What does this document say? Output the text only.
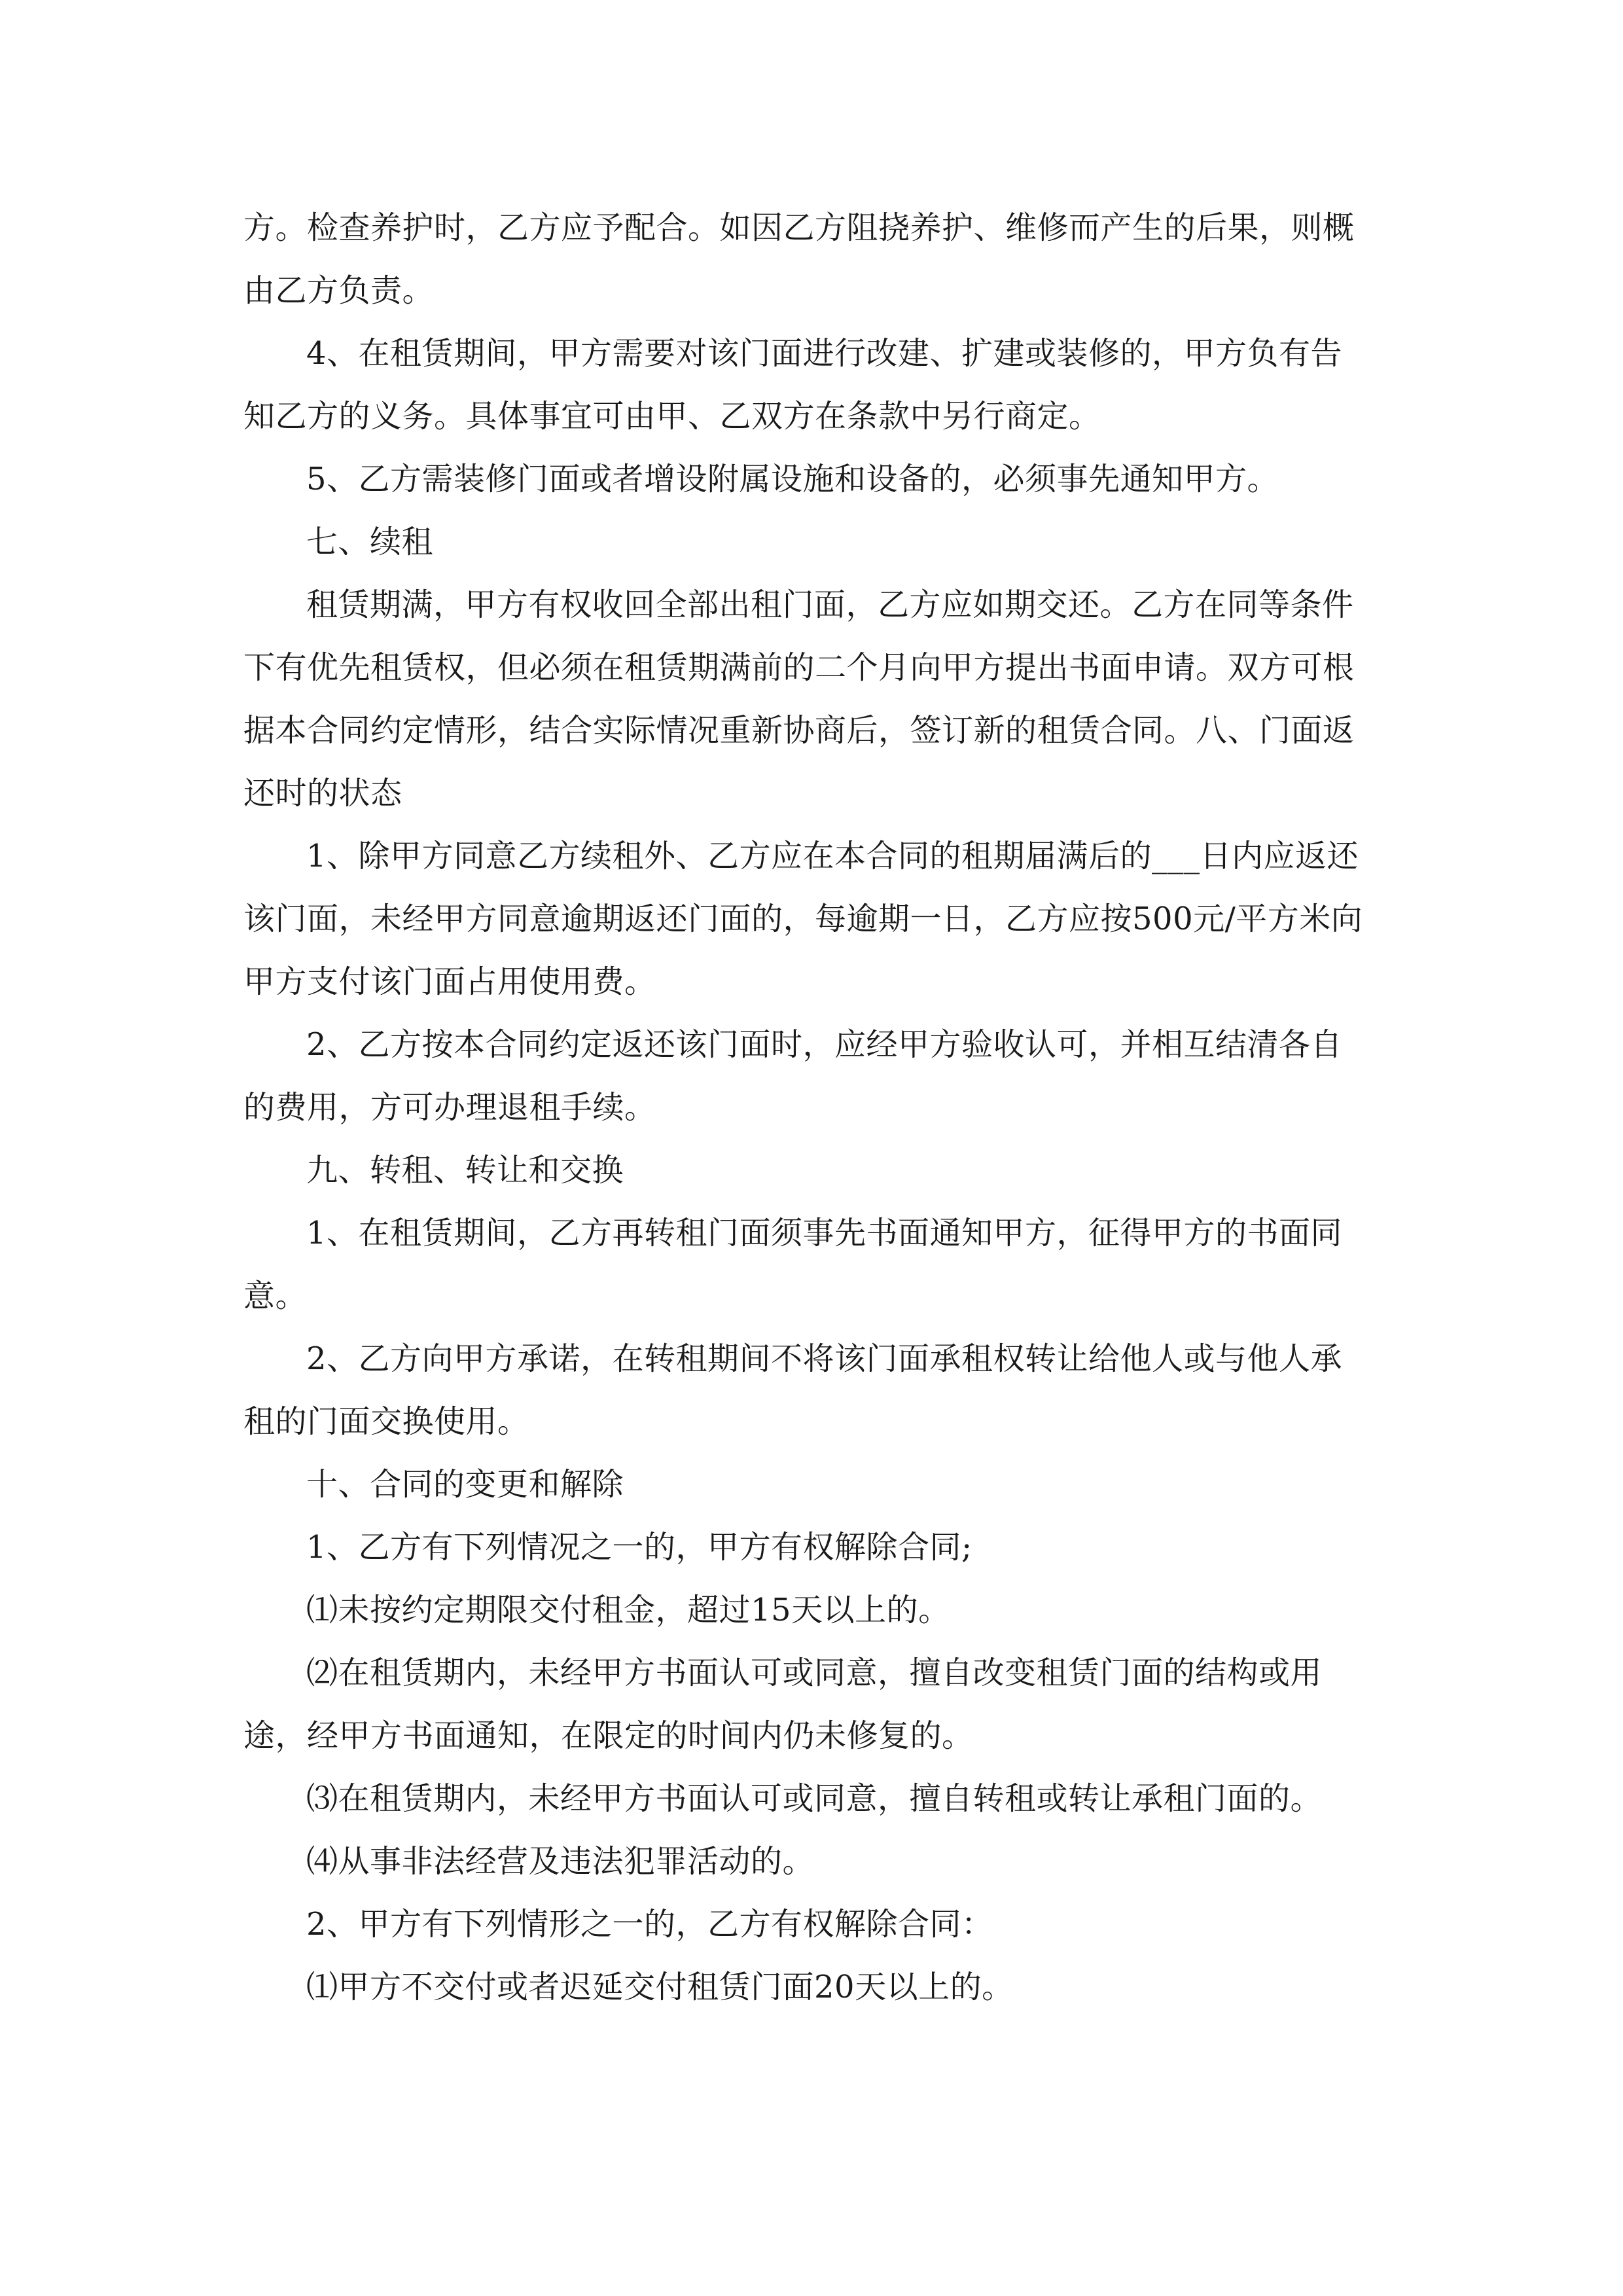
方。检查养护时，乙方应予配合。如因乙方阻挠养护、维修而产生的后果，则概由乙方负责。

4、在租赁期间，甲方需要对该门面进行改建、扩建或装修的，甲方负有告知乙方的义务。具体事宜可由甲、乙双方在条款中另行商定。

5、乙方需装修门面或者增设附属设施和设备的，必须事先通知甲方。

七、续租

租赁期满，甲方有权收回全部出租门面，乙方应如期交还。乙方在同等条件下有优先租赁权，但必须在租赁期满前的二个月向甲方提出书面申请。双方可根据本合同约定情形，结合实际情况重新协商后，签订新的租赁合同。八、门面返还时的状态

1、除甲方同意乙方续租外、乙方应在本合同的租期届满后的___日内应返还该门面，未经甲方同意逾期返还门面的，每逾期一日，乙方应按500元/平方米向甲方支付该门面占用使用费。

2、乙方按本合同约定返还该门面时，应经甲方验收认可，并相互结清各自的费用，方可办理退租手续。

九、转租、转让和交换

1、在租赁期间，乙方再转租门面须事先书面通知甲方，征得甲方的书面同意。

2、乙方向甲方承诺，在转租期间不将该门面承租权转让给他人或与他人承租的门面交换使用。

十、合同的变更和解除

1、乙方有下列情况之一的，甲方有权解除合同;

⑴未按约定期限交付租金，超过15天以上的。

⑵在租赁期内，未经甲方书面认可或同意，擅自改变租赁门面的结构或用途，经甲方书面通知，在限定的时间内仍未修复的。

⑶在租赁期内，未经甲方书面认可或同意，擅自转租或转让承租门面的。

⑷从事非法经营及违法犯罪活动的。

2、甲方有下列情形之一的，乙方有权解除合同：

⑴甲方不交付或者迟延交付租赁门面20天以上的。
